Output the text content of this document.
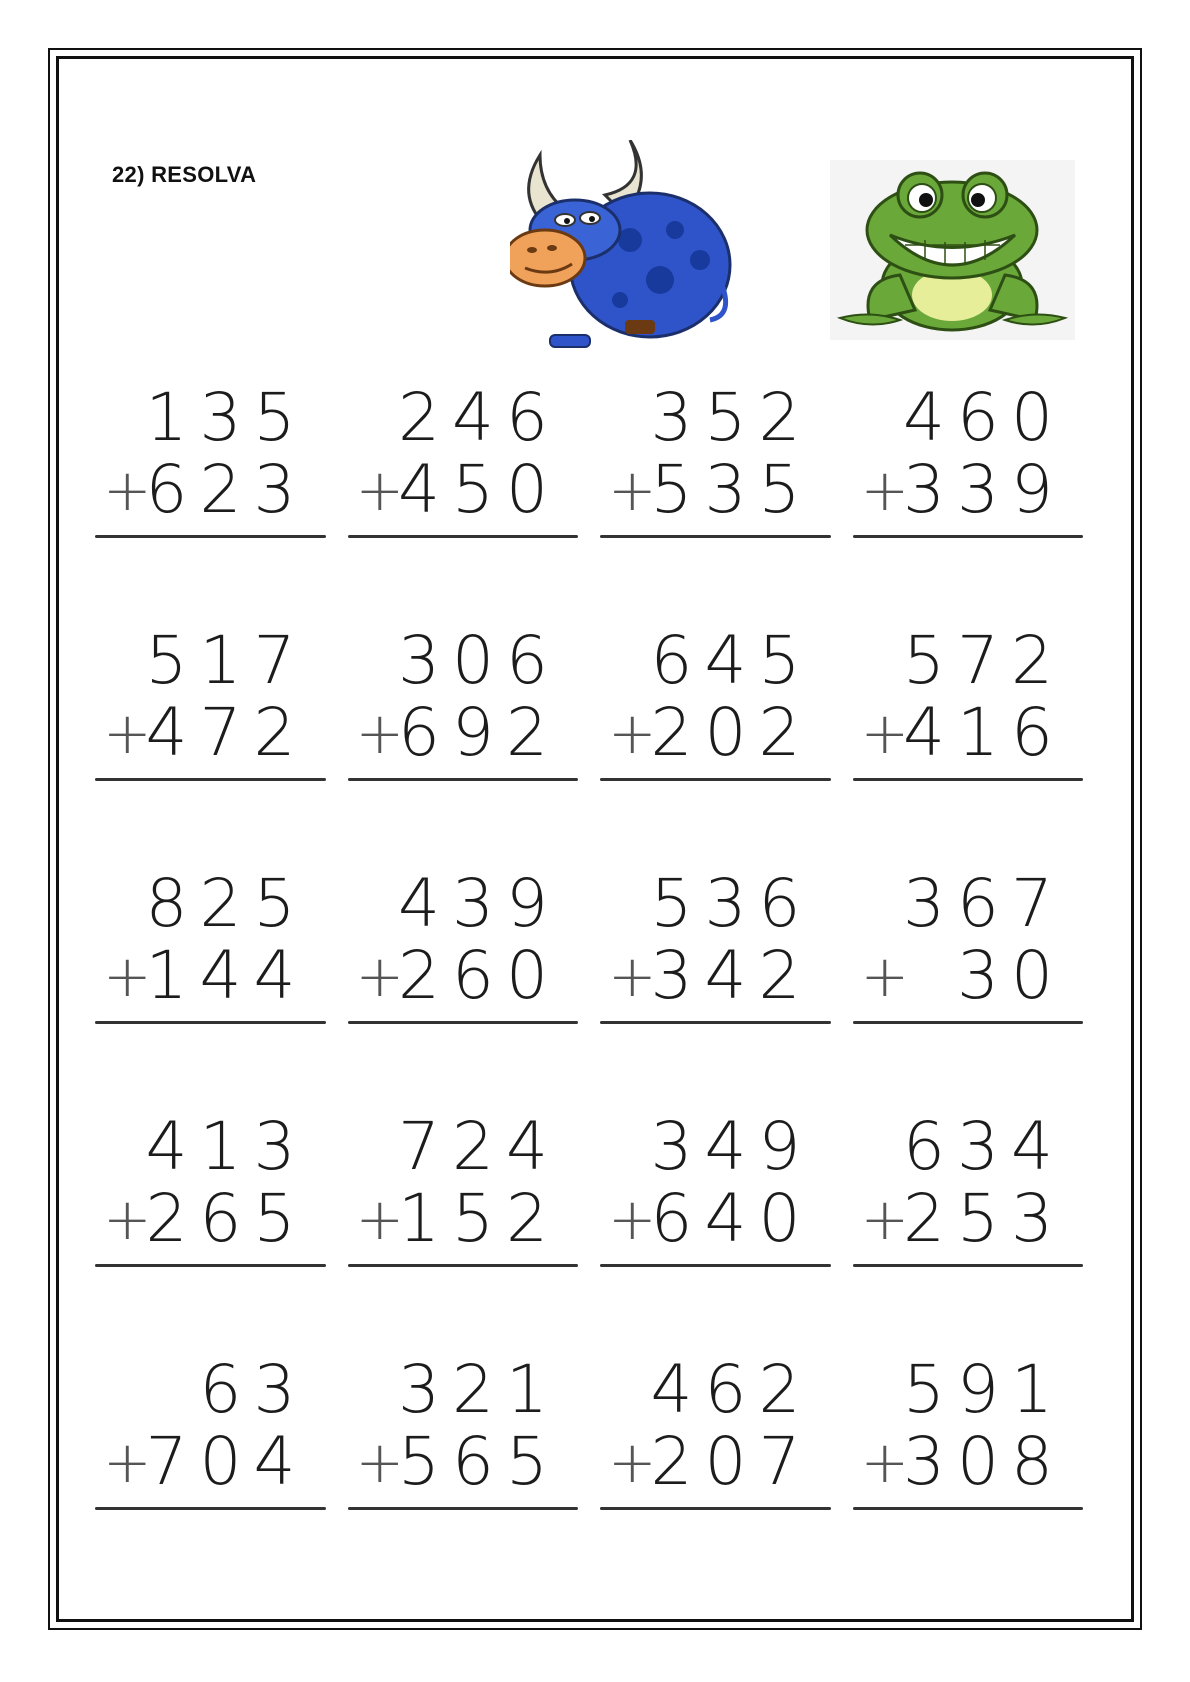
22) RESOLVA
135
+
623
246
+
450
352
+
535
460
+
339
517
+
472
306
+
692
645
+
202
572
+
416
825
+
144
439
+
260
536
+
342
367
+ 30
413
+
265
724
+
152
349
+
640
634
+
253
63
+
704
321
+
565
462
+
207
591
+
308
